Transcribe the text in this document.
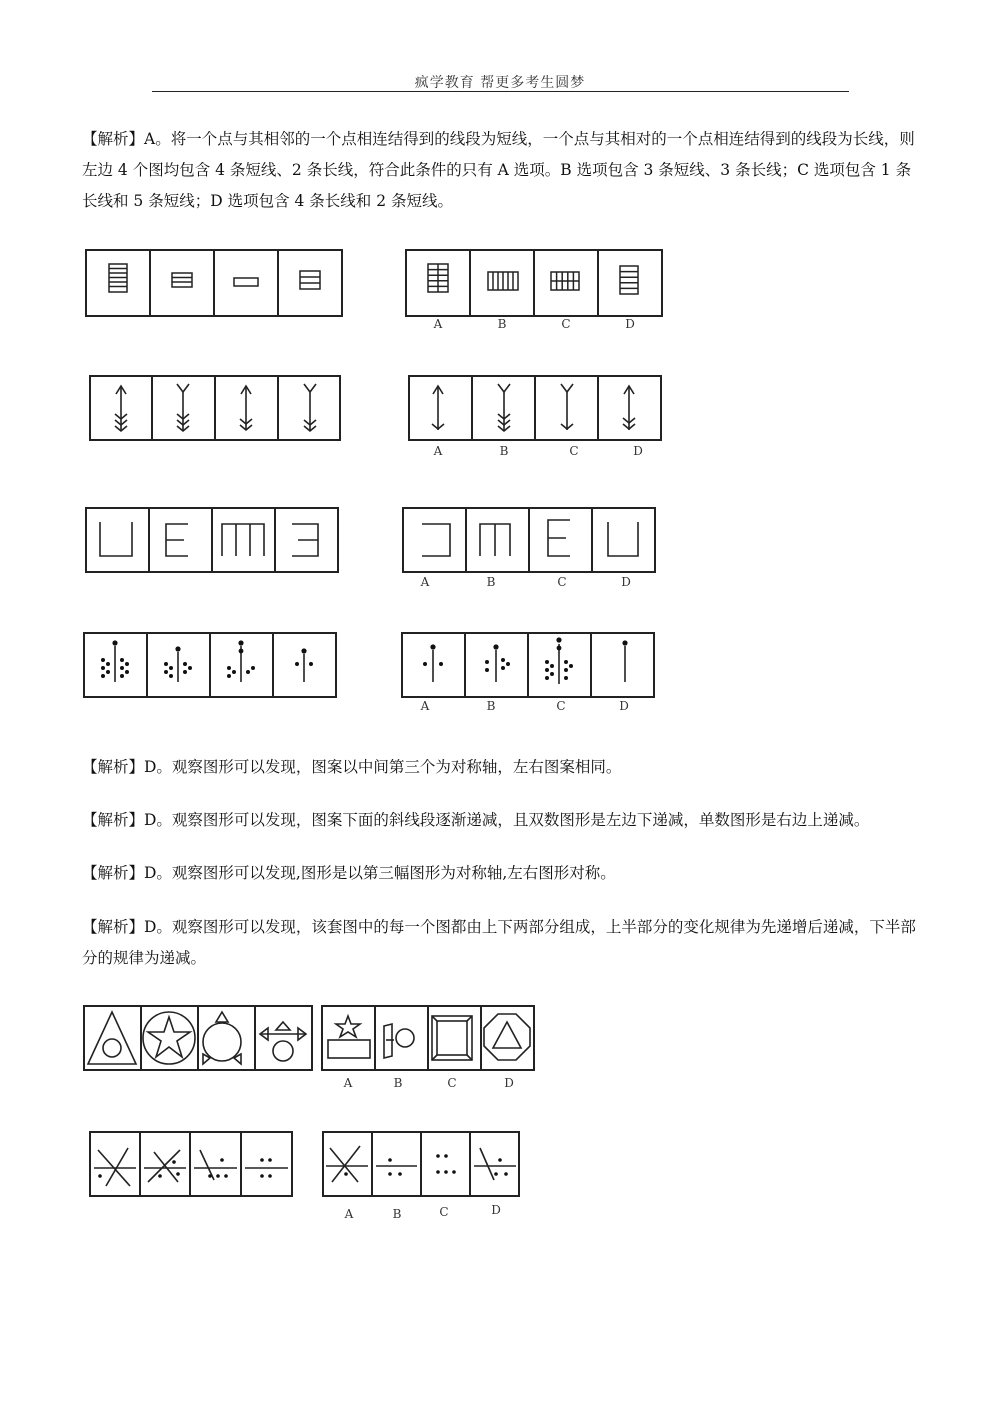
疯学教育 帮更多考生圆梦

【解析】A。将一个点与其相邻的一个点相连结得到的线段为短线，一个点与其相对的一个点相连结得到的线段为长线，则左边 4 个图均包含 4 条短线、2 条长线，符合此条件的只有 A 选项。B 选项包含 3 条短线、3 条长线；C 选项包含 1 条长线和 5 条短线；D 选项包含 4 条长线和 2 条短线。

A	B	C	D
A	B	C	D
A	B	C	D
A	B	C	D
A	B	C	D
A	B	C	D

【解析】D。观察图形可以发现，图案以中间第三个为对称轴，左右图案相同。

【解析】D。观察图形可以发现，图案下面的斜线段逐渐递减，且双数图形是左边下递减，单数图形是右边上递减。

【解析】D。观察图形可以发现,图形是以第三幅图形为对称轴,左右图形对称。

【解析】D。观察图形可以发现，该套图中的每一个图都由上下两部分组成，上半部分的变化规律为先递增后递减，下半部分的规律为递减。
